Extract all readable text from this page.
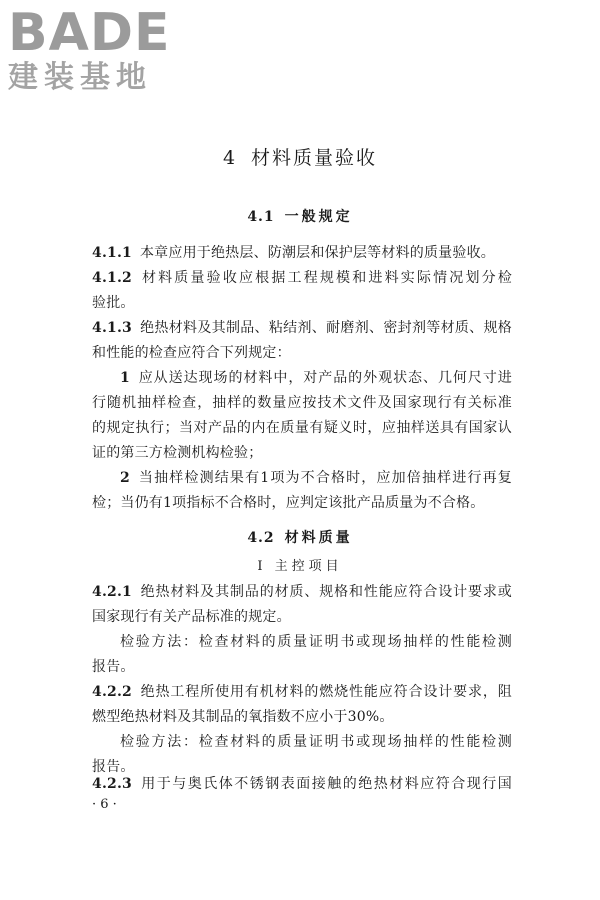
BADE
建装基地
4 材料质量验收
4.1 一般规定
4.1.1 本章应用于绝热层、防潮层和保护层等材料的质量验收。
4.1.2 材料质量验收应根据工程规模和进料实际情况划分检
验批。
4.1.3 绝热材料及其制品、粘结剂、耐磨剂、密封剂等材质、规格
和性能的检查应符合下列规定：
1 应从送达现场的材料中，对产品的外观状态、几何尺寸进
行随机抽样检查，抽样的数量应按技术文件及国家现行有关标准
的规定执行；当对产品的内在质量有疑义时，应抽样送具有国家认
证的第三方检测机构检验；
2 当抽样检测结果有1项为不合格时，应加倍抽样进行再复
检；当仍有1项指标不合格时，应判定该批产品质量为不合格。
4.2 材料质量
Ⅰ 主控项目
4.2.1 绝热材料及其制品的材质、规格和性能应符合设计要求或
国家现行有关产品标准的规定。
检验方法：检查材料的质量证明书或现场抽样的性能检测
报告。
4.2.2 绝热工程所使用有机材料的燃烧性能应符合设计要求，阻
燃型绝热材料及其制品的氧指数不应小于30%。
检验方法：检查材料的质量证明书或现场抽样的性能检测
报告。
4.2.3 用于与奥氏体不锈钢表面接触的绝热材料应符合现行国
· 6 ·
